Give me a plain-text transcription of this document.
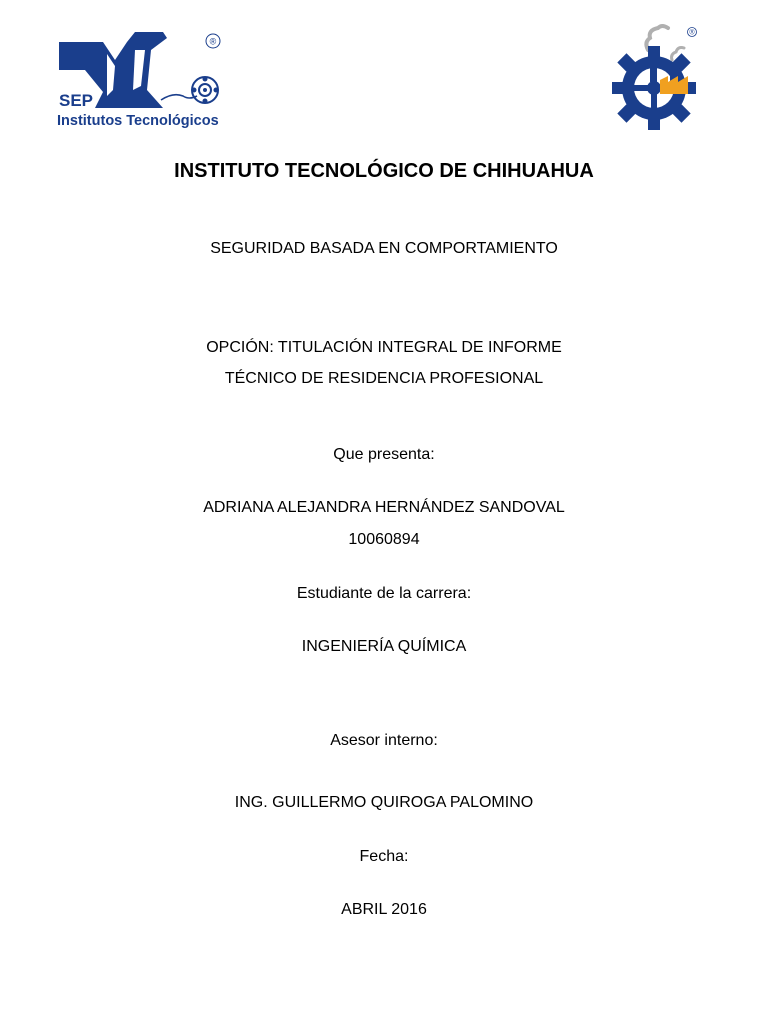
®
SEP
Institutos Tecnológicos
®
INSTITUTO TECNOLÓGICO DE CHIHUAHUA
SEGURIDAD BASADA EN COMPORTAMIENTO
OPCIÓN: TITULACIÓN INTEGRAL DE INFORME
TÉCNICO DE RESIDENCIA PROFESIONAL
Que presenta:
ADRIANA ALEJANDRA HERNÁNDEZ SANDOVAL
10060894
Estudiante de la carrera:
INGENIERÍA QUÍMICA
Asesor interno:
ING. GUILLERMO QUIROGA PALOMINO
Fecha:
ABRIL 2016
